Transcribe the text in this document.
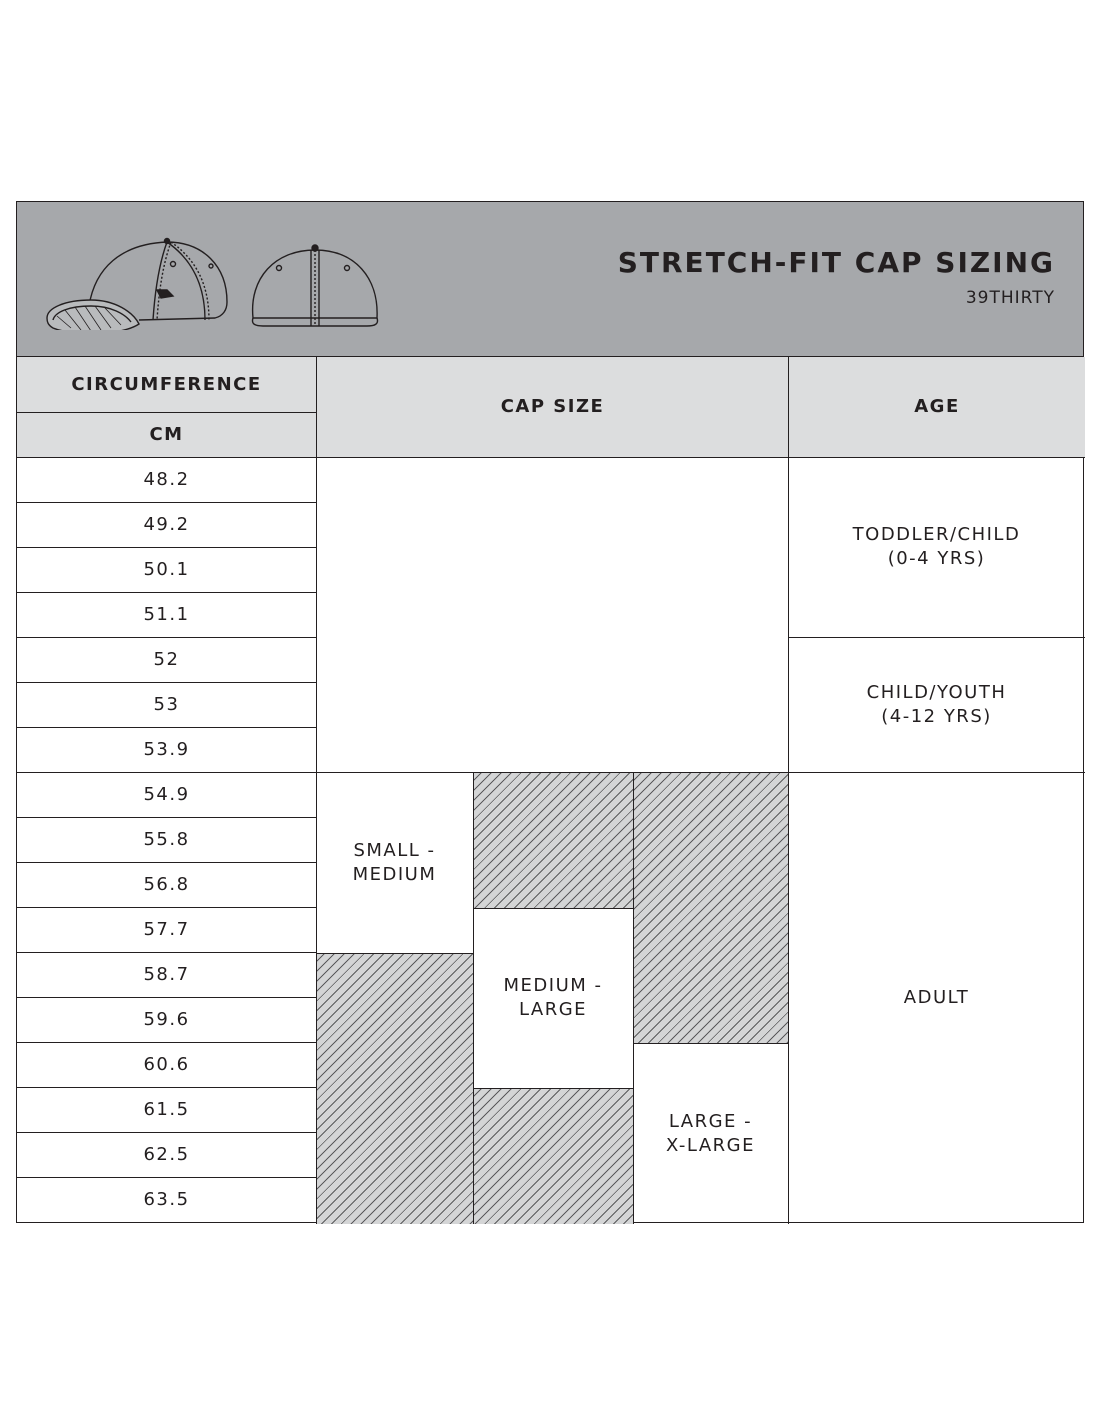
STRETCH-FIT CAP SIZING
39THIRTY
CIRCUMFERENCE
CM
CAP SIZE	AGE
48.2
49.2
50.1
51.1
52
53
53.9
54.9
55.8
56.8
57.7
58.7
59.6
60.6
61.5
62.5
63.5
SMALL -
MEDIUM
MEDIUM -
LARGE
LARGE -
X-LARGE
TODDLER/CHILD
(0-4 YRS)
CHILD/YOUTH
(4-12 YRS)
ADULT
